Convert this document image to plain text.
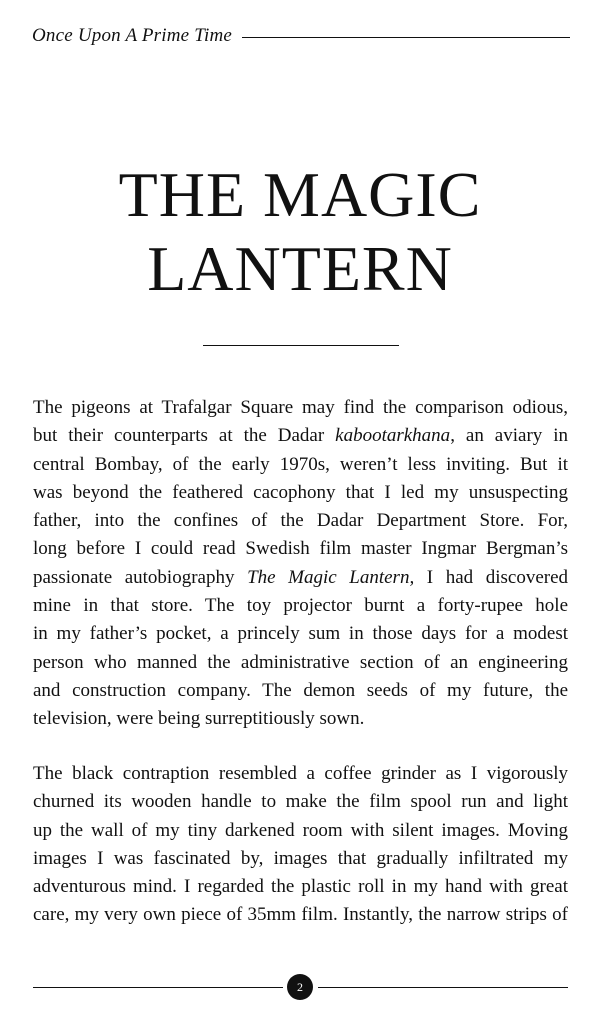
Once Upon A Prime Time
THE MAGIC
LANTERN
The pigeons at Trafalgar Square may find the comparison odious,
but their counterparts at the Dadar kabootarkhana, an aviary in
central Bombay, of the early 1970s, weren’t less inviting. But it
was beyond the feathered cacophony that I led my unsuspecting
father, into the confines of the Dadar Department Store. For,
long before I could read Swedish film master Ingmar Bergman’s
passionate autobiography The Magic Lantern, I had discovered
mine in that store. The toy projector burnt a forty-rupee hole
in my father’s pocket, a princely sum in those days for a modest
person who manned the administrative section of an engineering
and construction company. The demon seeds of my future, the
television, were being surreptitiously sown.
The black contraption resembled a coffee grinder as I vigorously
churned its wooden handle to make the film spool run and light
up the wall of my tiny darkened room with silent images. Moving
images I was fascinated by, images that gradually infiltrated my
adventurous mind. I regarded the plastic roll in my hand with great
care, my very own piece of 35mm film. Instantly, the narrow strips of
2
